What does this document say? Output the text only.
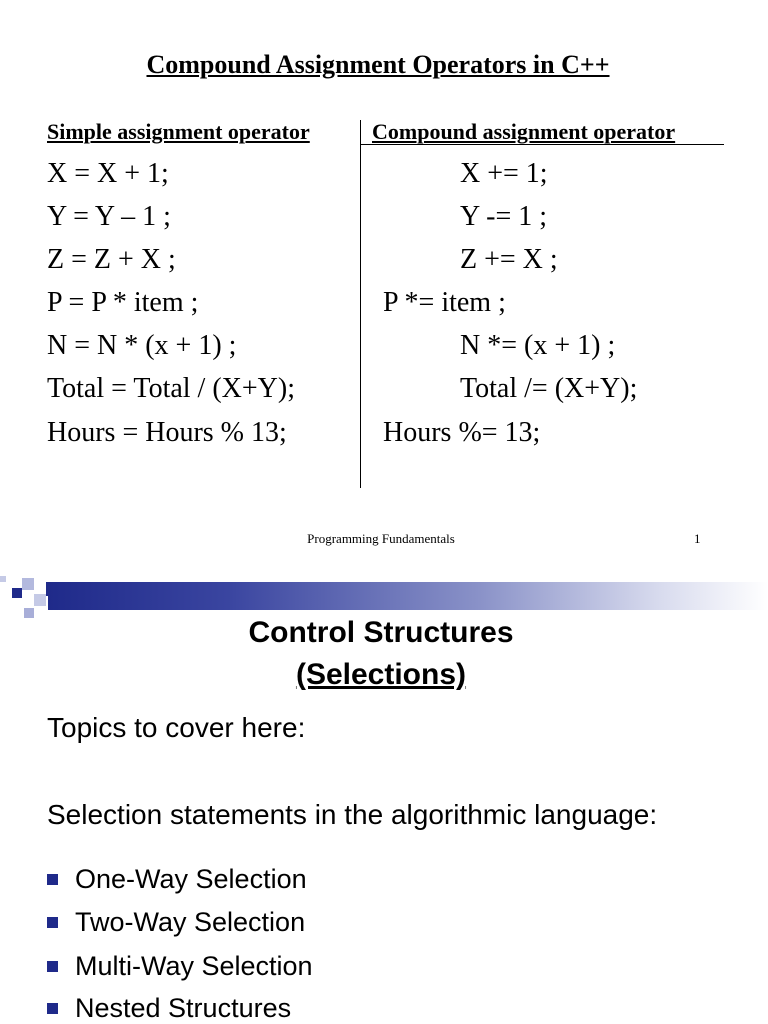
Compound Assignment Operators in C++
Simple assignment operator	Compound assignment operator
X = X + 1;	X += 1;
Y = Y – 1 ;	Y -= 1 ;
Z = Z + X ;	Z += X ;
P = P * item ;	P *= item ;
N = N * (x + 1) ;	N *= (x + 1) ;
Total = Total / (X+Y);	Total /= (X+Y);
Hours = Hours % 13;	Hours %= 13;
Programming Fundamentals	1
Control Structures
(Selections)
Topics to cover here:
Selection statements in the algorithmic language:
One-Way Selection
Two-Way Selection
Multi-Way Selection
Nested Structures
